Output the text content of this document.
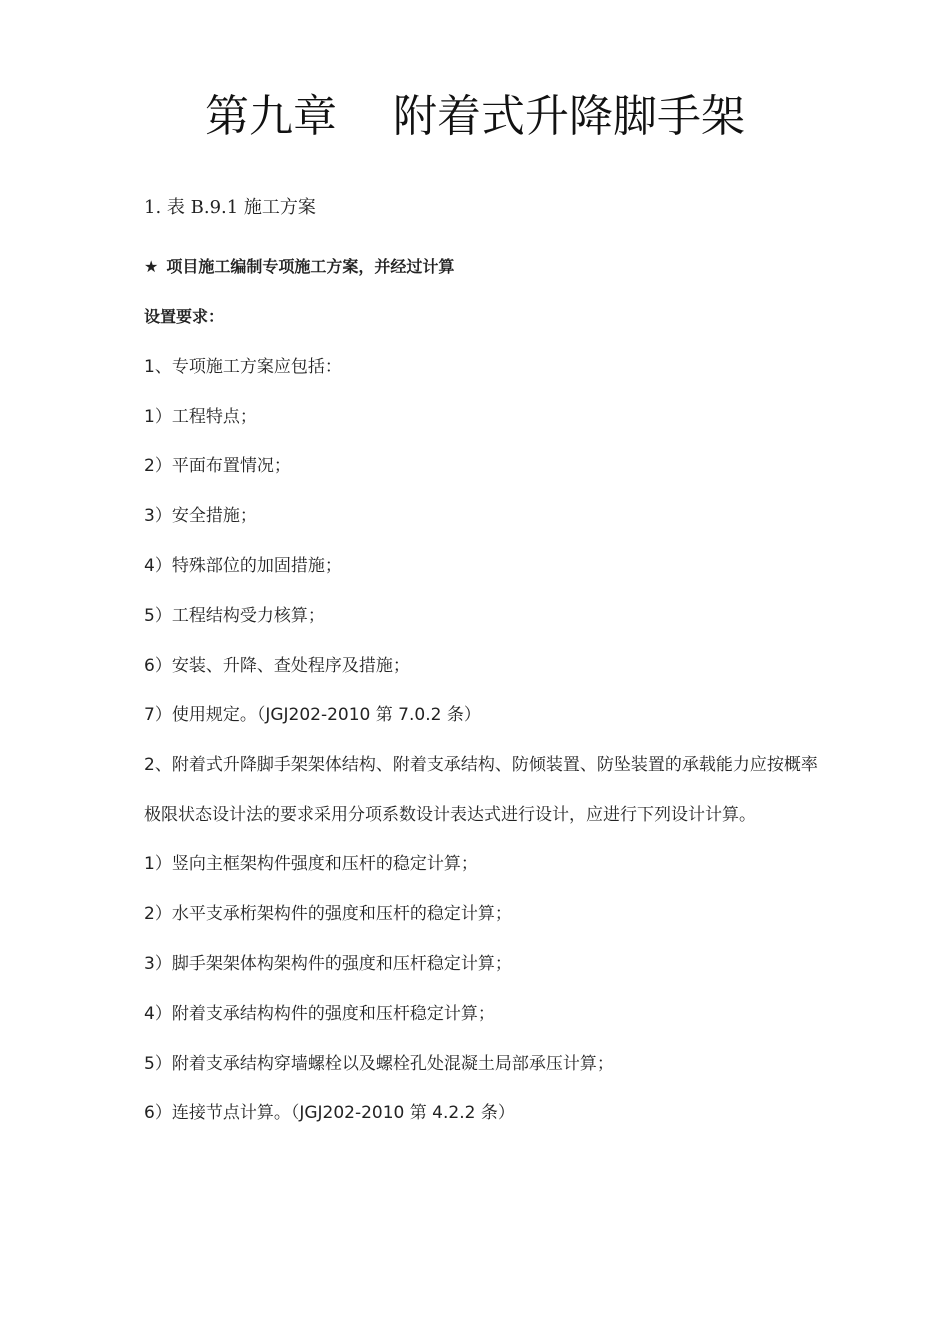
第九章    附着式升降脚手架

1. 表 B.9.1 施工方案

★ 项目施工编制专项施工方案，并经过计算

设置要求：

1、专项施工方案应包括：

1）工程特点；

2）平面布置情况；

3）安全措施；

4）特殊部位的加固措施；

5）工程结构受力核算；

6）安装、升降、查处程序及措施；

7）使用规定。（JGJ202-2010 第 7.0.2 条）

2、附着式升降脚手架架体结构、附着支承结构、防倾装置、防坠装置的承载能力应按概率

极限状态设计法的要求采用分项系数设计表达式进行设计，应进行下列设计计算。

1）竖向主框架构件强度和压杆的稳定计算；

2）水平支承桁架构件的强度和压杆的稳定计算；

3）脚手架架体构架构件的强度和压杆稳定计算；

4）附着支承结构构件的强度和压杆稳定计算；

5）附着支承结构穿墙螺栓以及螺栓孔处混凝土局部承压计算；

6）连接节点计算。（JGJ202-2010 第 4.2.2 条）
